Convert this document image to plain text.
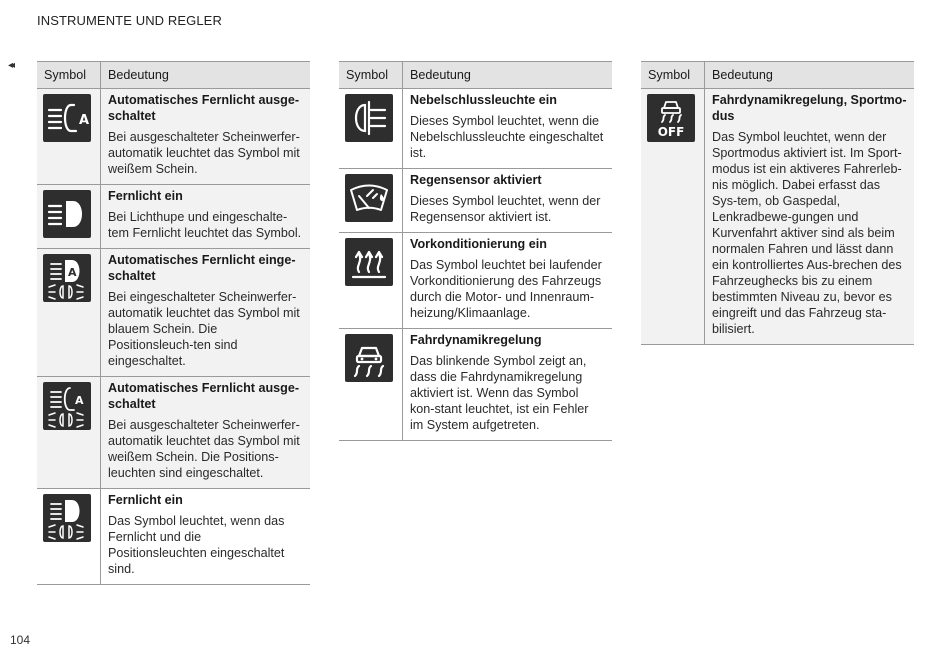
INSTRUMENTE UND REGLER
◂◂
104
Symbol	Bedeutung

A	Automatisches Fernlicht ausge-schaltet
Bei ausgeschalteter Scheinwerfer-automatik leuchtet das Symbol mit weißem Schein.

Fernlicht ein
Bei Lichthupe und eingeschalte-tem Fernlicht leuchtet das Symbol.

A	Automatisches Fernlicht einge-schaltet
Bei eingeschalteter Scheinwerfer-automatik leuchtet das Symbol mit blauem Schein. Die Positionsleuch-ten sind eingeschaltet.

A	Automatisches Fernlicht ausge-schaltet
Bei ausgeschalteter Scheinwerfer-automatik leuchtet das Symbol mit weißem Schein. Die Positions-leuchten sind eingeschaltet.

Fernlicht ein
Das Symbol leuchtet, wenn das Fernlicht und die Positionsleuchten eingeschaltet sind.
Symbol	Bedeutung

Nebelschlussleuchte ein
Dieses Symbol leuchtet, wenn die Nebelschlussleuchte eingeschaltet ist.

Regensensor aktiviert
Dieses Symbol leuchtet, wenn der Regensensor aktiviert ist.

Vorkonditionierung ein
Das Symbol leuchtet bei laufender Vorkonditionierung des Fahrzeugs durch die Motor- und Innenraum-heizung/Klimaanlage.

Fahrdynamikregelung
Das blinkende Symbol zeigt an, dass die Fahrdynamikregelung aktiviert ist. Wenn das Symbol kon-stant leuchtet, ist ein Fehler im System aufgetreten.
Symbol	Bedeutung

OFF	Fahrdynamikregelung, Sportmo-dus
Das Symbol leuchtet, wenn der Sportmodus aktiviert ist. Im Sport-modus ist ein aktiveres Fahrerleb-nis möglich. Dabei erfasst das Sys-tem, ob Gaspedal, Lenkradbewe-gungen und Kurvenfahrt aktiver sind als beim normalen Fahren und lässt dann ein kontrolliertes Aus-brechen des Fahrzeughecks bis zu einem bestimmten Niveau zu, bevor es eingreift und das Fahrzeug sta-bilisiert.
